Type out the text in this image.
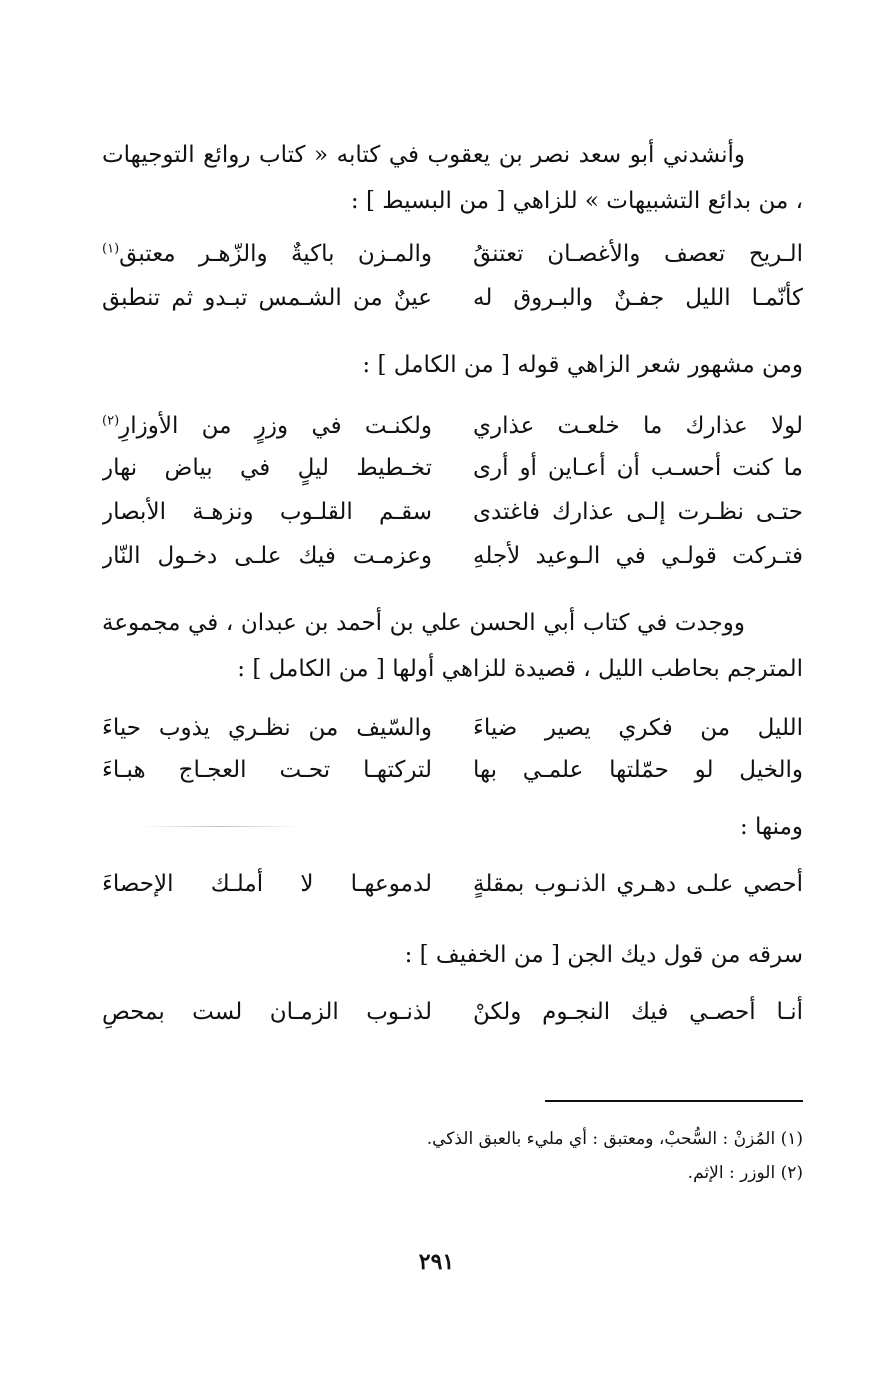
وأنشدني أبو سعد نصر بن يعقوب في كتابه « كتاب روائع التوجيهات ، من بدائع التشبيهات » للزاهي [ من البسيط ] :

الـريح تعصف والأغصـان تعتنقُ
والمـزن باكيةٌ والزّهـر معتبق$^{(١)}$
كأنّمـا الليل جفـنٌ والبـروق له
عينٌ من الشـمس تبـدو ثم تنطبق

ومن مشهور شعر الزاهي قوله [ من الكامل ] :

لولا عذارك ما خلعـت عذاري
ولكنـت في وزرٍ من الأوزارِ$^{(٢)}$
ما كنت أحسـب أن أعـاين أو أرى
تخـطيط ليلٍ في بياض نهار
حتـى نظـرت إلـى عذارك فاغتدى
سقـم القلـوب ونزهـة الأبصار
فتـركت قولـي في الـوعيد لأجلهِ
وعزمـت فيك علـى دخـول النّار

ووجدت في كتاب أبي الحسن علي بن أحمد بن عبدان ، في مجموعة المترجم بحاطب الليل ، قصيدة للزاهي أولها [ من الكامل ] :

الليل من فكري يصير ضياءَ
والسّيف من نظـري يذوب حياءَ
والخيل لو حمّلتها علمـي بها
لتركتهـا تحـت العجـاج هبـاءَ

ومنها :

أحصي علـى دهـري الذنـوب بمقلةٍ
لدموعهـا لا أملـك الإحصاءَ

سرقه من قول ديك الجن [ من الخفيف ] :

أنـا أحصـي فيك النجـوم ولكنْ
لذنـوب الزمـان لست بمحصِ
(١) المُزنْ : السُّحبْ، ومعتبق : أي مليء بالعبق الذكي.
(٢) الوزر : الإثم.
٢٩١
